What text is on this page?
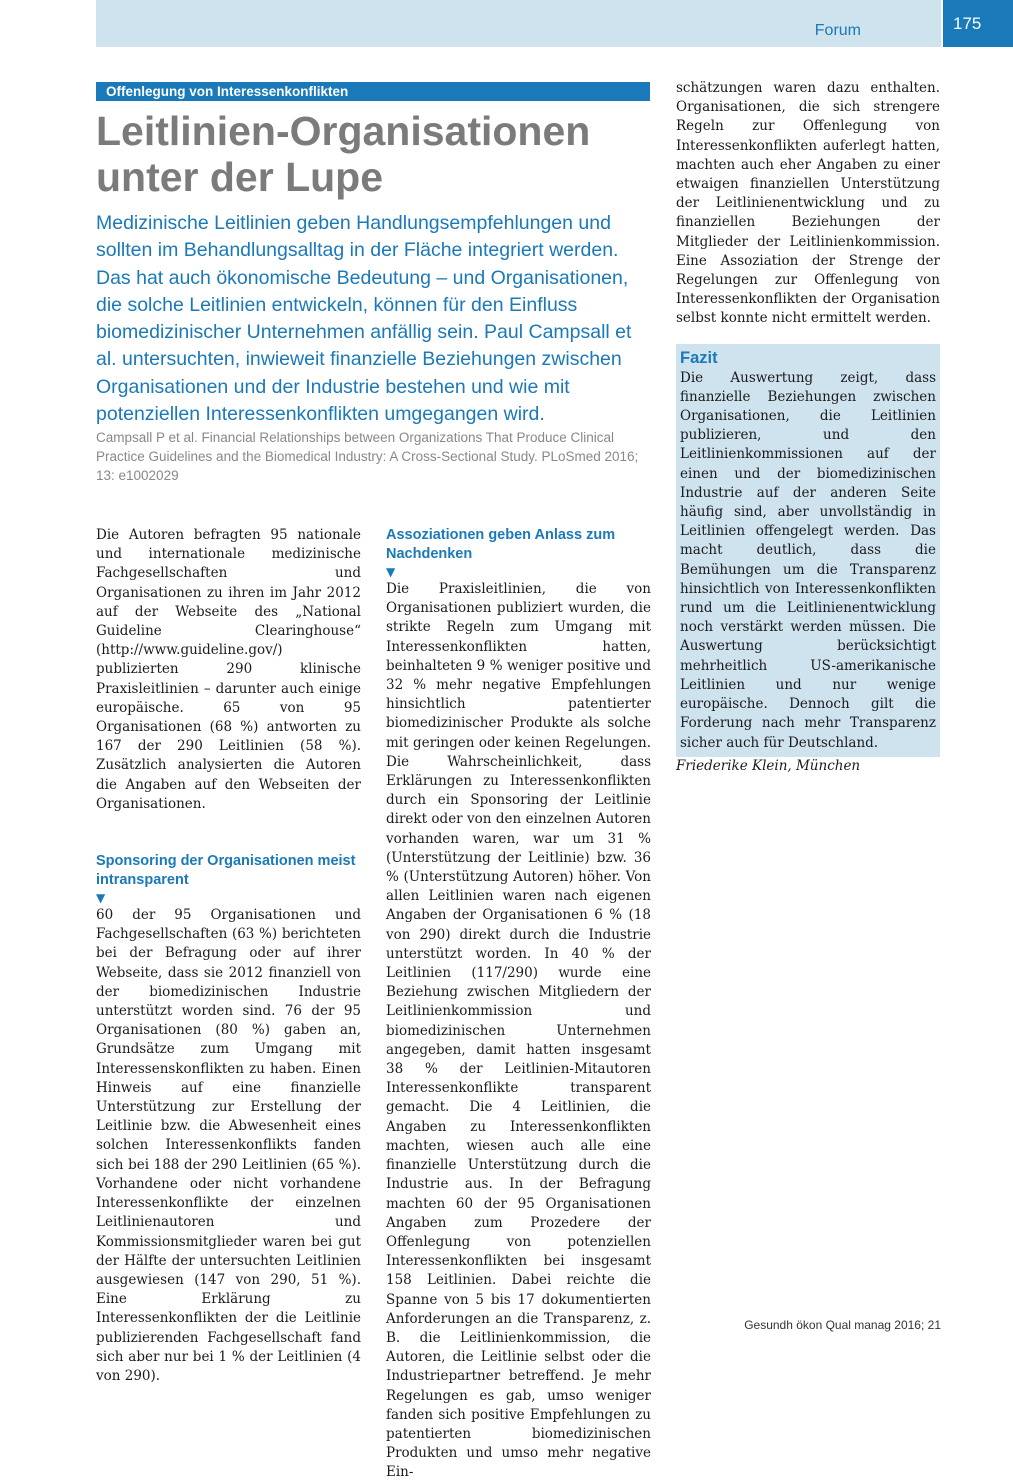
Forum	175
Offenlegung von Interessenkonflikten
Leitlinien-Organisationen unter der Lupe

Medizinische Leitlinien geben Handlungsempfehlungen und sollten im Behandlungsalltag in der Fläche integriert werden. Das hat auch ökonomische Bedeutung – und Organisationen, die solche Leitlinien entwickeln, können für den Einfluss biomedizinischer Unternehmen anfällig sein. Paul Campsall et al. untersuchten, inwieweit finanzielle Beziehungen zwischen Organisationen und der Industrie bestehen und wie mit potenziellen Interessenkonflikten umgegangen wird.

Campsall P et al. Financial Relationships between Organizations That Produce Clinical Practice Guidelines and the Biomedical Industry: A Cross-Sectional Study. PLoSmed 2016; 13: e1002029

Die Autoren befragten 95 nationale und internationale medizinische Fachgesellschaften und Organisationen zu ihren im Jahr 2012 auf der Webseite des „National Guideline Clearinghouse“ (http://www.guideline.gov/) publizierten 290 klinische Praxisleitlinien – darunter auch einige europäische. 65 von 95 Organisationen (68 %) antworten zu 167 der 290 Leitlinien (58 %). Zusätzlich analysierten die Autoren die Angaben auf den Webseiten der Organisationen.

Sponsoring der Organisationen meist intransparent
▼

60 der 95 Organisationen und Fachgesellschaften (63 %) berichteten bei der Befragung oder auf ihrer Webseite, dass sie 2012 finanziell von der biomedizinischen Industrie unterstützt worden sind. 76 der 95 Organisationen (80 %) gaben an, Grundsätze zum Umgang mit Interessenskonflikten zu haben. Einen Hinweis auf eine finanzielle Unterstützung zur Erstellung der Leitlinie bzw. die Abwesenheit eines solchen Interessenkonflikts fanden sich bei 188 der 290 Leitlinien (65 %). Vorhandene oder nicht vorhandene Interessenkonflikte der einzelnen Leitlinienautoren und Kommissionsmitglieder waren bei gut der Hälfte der untersuchten Leitlinien ausgewiesen (147 von 290, 51 %). Eine Erklärung zu Interessenkonflikten der die Leitlinie publizierenden Fachgesellschaft fand sich aber nur bei 1 % der Leitlinien (4 von 290).

Assoziationen geben Anlass zum Nachdenken
▼

Die Praxisleitlinien, die von Organisationen publiziert wurden, die strikte Regeln zum Umgang mit Interessenkonflikten hatten, beinhalteten 9 % weniger positive und 32 % mehr negative Empfehlungen hinsichtlich patentierter biomedizinischer Produkte als solche mit geringen oder keinen Regelungen. Die Wahrscheinlichkeit, dass Erklärungen zu Interessenkonflikten durch ein Sponsoring der Leitlinie direkt oder von den einzelnen Autoren vorhanden waren, war um 31 % (Unterstützung der Leitlinie) bzw. 36 % (Unterstützung Autoren) höher. Von allen Leitlinien waren nach eigenen Angaben der Organisationen 6 % (18 von 290) direkt durch die Industrie unterstützt worden. In 40 % der Leitlinien (117/290) wurde eine Beziehung zwischen Mitgliedern der Leitlinienkommission und biomedizinischen Unternehmen angegeben, damit hatten insgesamt 38 % der Leitlinien-Mitautoren Interessenkonflikte transparent gemacht. Die 4 Leitlinien, die Angaben zu Interessenkonflikten machten, wiesen auch alle eine finanzielle Unterstützung durch die Industrie aus. In der Befragung machten 60 der 95 Organisationen Angaben zum Prozedere der Offenlegung von potenziellen Interessenkonflikten bei insgesamt 158 Leitlinien. Dabei reichte die Spanne von 5 bis 17 dokumentierten Anforderungen an die Transparenz, z. B. die Leitlinienkommission, die Autoren, die Leitlinie selbst oder die Industriepartner betreffend. Je mehr Regelungen es gab, umso weniger fanden sich positive Empfehlungen zu patentierten biomedizinischen Produkten und umso mehr negative Ein-

schätzungen waren dazu enthalten. Organisationen, die sich strengere Regeln zur Offenlegung von Interessenkonflikten auferlegt hatten, machten auch eher Angaben zu einer etwaigen finanziellen Unterstützung der Leitlinienentwicklung und zu finanziellen Beziehungen der Mitglieder der Leitlinienkommission. Eine Assoziation der Strenge der Regelungen zur Offenlegung von Interessenkonflikten der Organisation selbst konnte nicht ermittelt werden.

Fazit

Die Auswertung zeigt, dass finanzielle Beziehungen zwischen Organisationen, die Leitlinien publizieren, und den Leitlinienkommissionen auf der einen und der biomedizinischen Industrie auf der anderen Seite häufig sind, aber unvollständig in Leitlinien offengelegt werden. Das macht deutlich, dass die Bemühungen um die Transparenz hinsichtlich von Interessenkonflikten rund um die Leitlinienentwicklung noch verstärkt werden müssen. Die Auswertung berücksichtigt mehrheitlich US-amerikanische Leitlinien und nur wenige europäische. Dennoch gilt die Forderung nach mehr Transparenz sicher auch für Deutschland.

Friederike Klein, München

Gesundh ökon Qual manag 2016; 21
